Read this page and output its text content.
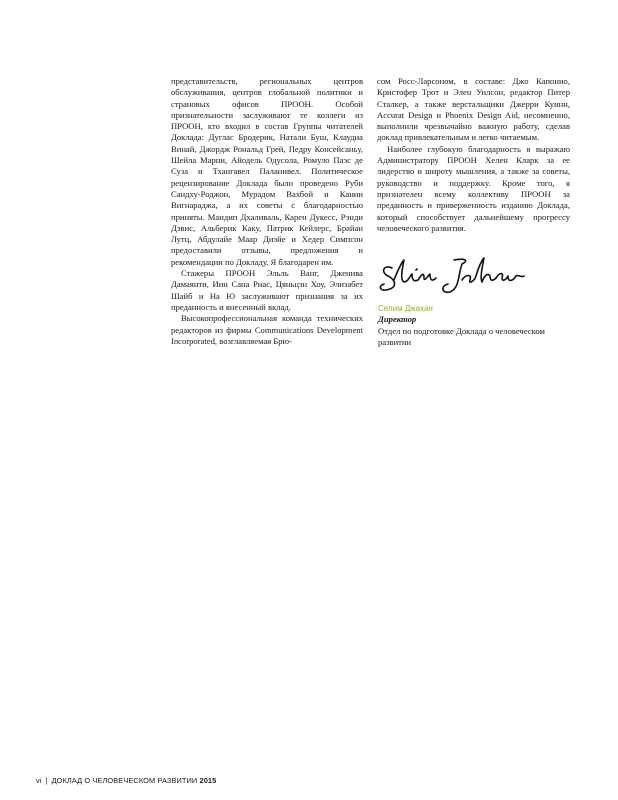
представительств, региональных центров обслуживания, центров глобальной политики и страновых офисов ПРООН. Особой признательности заслуживают те коллеги из ПРООН, кто входил в состав Группы читателей Доклада: Дуглас Бродерик, Натали Буш, Клаудиа Винай, Джордж Рональд Грей, Педру Консейсаньу, Шейла Марни, Айодель Одусола, Ромуло Паэс де Суза и Тхангавел Паланивел. Политическое рецензирование Доклада было проведено Руби Сандху-Роджон, Мурадом Вахбой и Кании Вигнараджа, а их советы с благодарностью приняты. Мандип Дхаливаль, Карен Дукесс, Рэнди Дэвис, Альберик Каку, Патрик Кейлерс, Брайан Лутц, Абдулайе Маар Диэйе и Хедер Симпсон предоставили отзывы, предложения и рекомендации по Докладу. Я благодарен им.

Стажеры ПРООН Эльль Ванг, Дженива Дамаянти, Иин Сана Риас, Цяньцзн Хоу, Элизабет Шайб и На Ю заслуживают признания за их преданность и внесенный вклад.

Высокопрофессиональная команда технических редакторов из фирмы Communications Development Incorporated, возглавляемая Брю-

сом Росс-Ларсоном, в составе: Джо Капонио, Кристофер Трот и Элен Уилсон, редактор Питер Сталкер, а также верстальщики Джерри Куинн, Accurat Design и Phoenix Design Aid, несомненно, выполнили чрезвычайно важную работу, сделав доклад привлекательным и легко читаемым.

Наиболее глубокую благодарность я выражаю Администратору ПРООН Хелен Кларк за ее лидерство и широту мышления, а также за советы, руководство и поддержку. Кроме того, я признателен всему коллективу ПРООН за преданность и приверженность изданию Доклада, который способствует дальнейшему прогрессу человеческого развития.

Селим Джахан
Директор
Отдел по подготовке Доклада о человеческом развитии
vi | ДОКЛАД О ЧЕЛОВЕЧЕСКОМ РАЗВИТИИ 2015
